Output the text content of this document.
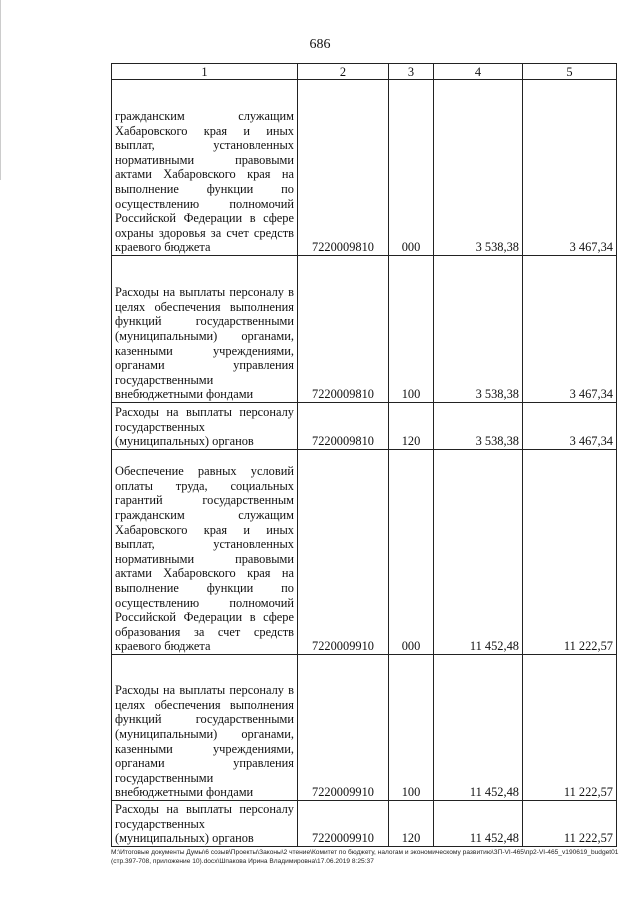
686
1	2	3	4	5
гражданским служащим Хабаровского края и иных выплат, установленных нормативными правовыми актами Хабаровского края на выполнение функции по осуществлению полномочий Российской Федерации в сфере охраны здоровья за счет средств краевого бюджета	7220009810	000	3 538,38	3 467,34
Расходы на выплаты персоналу в целях обеспечения выполнения функций государственными (муниципальными) органами, казенными учреждениями, органами управления государственными внебюджетными фондами	7220009810	100	3 538,38	3 467,34
Расходы на выплаты персоналу государственных (муниципальных) органов	7220009810	120	3 538,38	3 467,34
Обеспечение равных условий оплаты труда, социальных гарантий государственным гражданским служащим Хабаровского края и иных выплат, установленных нормативными правовыми актами Хабаровского края на выполнение функции по осуществлению полномочий Российской Федерации в сфере образования за счет средств краевого бюджета	7220009910	000	11 452,48	11 222,57
Расходы на выплаты персоналу в целях обеспечения выполнения функций государственными (муниципальными) органами, казенными учреждениями, органами управления государственными внебюджетными фондами	7220009910	100	11 452,48	11 222,57
Расходы на выплаты персоналу государственных (муниципальных) органов	7220009910	120	11 452,48	11 222,57
M:\Итоговые документы Думы\6 созыв\Проекты\Законы\2 чтение\Комитет по бюджету, налогам и экономическому развитию\ЗП-VI-465\пр2-VI-465_v190619_budget01 (стр.397-708, приложение 10).docx\Шпакова Ирина Владимировна\17.06.2019 8:25:37
